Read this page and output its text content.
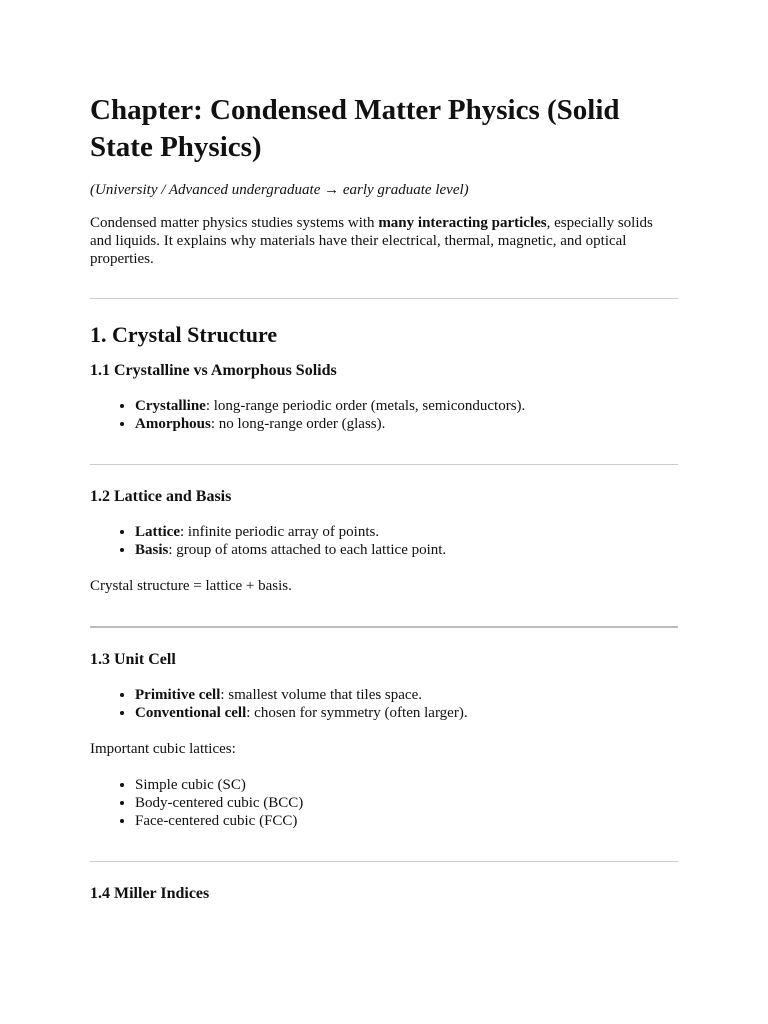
Chapter: Condensed Matter Physics (Solid State Physics)

(University / Advanced undergraduate → early graduate level)

Condensed matter physics studies systems with many interacting particles, especially solids and liquids. It explains why materials have their electrical, thermal, magnetic, and optical properties.

1. Crystal Structure
1.1 Crystalline vs Amorphous Solids
• Crystalline: long-range periodic order (metals, semiconductors).
• Amorphous: no long-range order (glass).
1.2 Lattice and Basis
• Lattice: infinite periodic array of points.
• Basis: group of atoms attached to each lattice point.

Crystal structure = lattice + basis.

1.3 Unit Cell
• Primitive cell: smallest volume that tiles space.
• Conventional cell: chosen for symmetry (often larger).

Important cubic lattices:

• Simple cubic (SC)
• Body-centered cubic (BCC)
• Face-centered cubic (FCC)
1.4 Miller Indices
